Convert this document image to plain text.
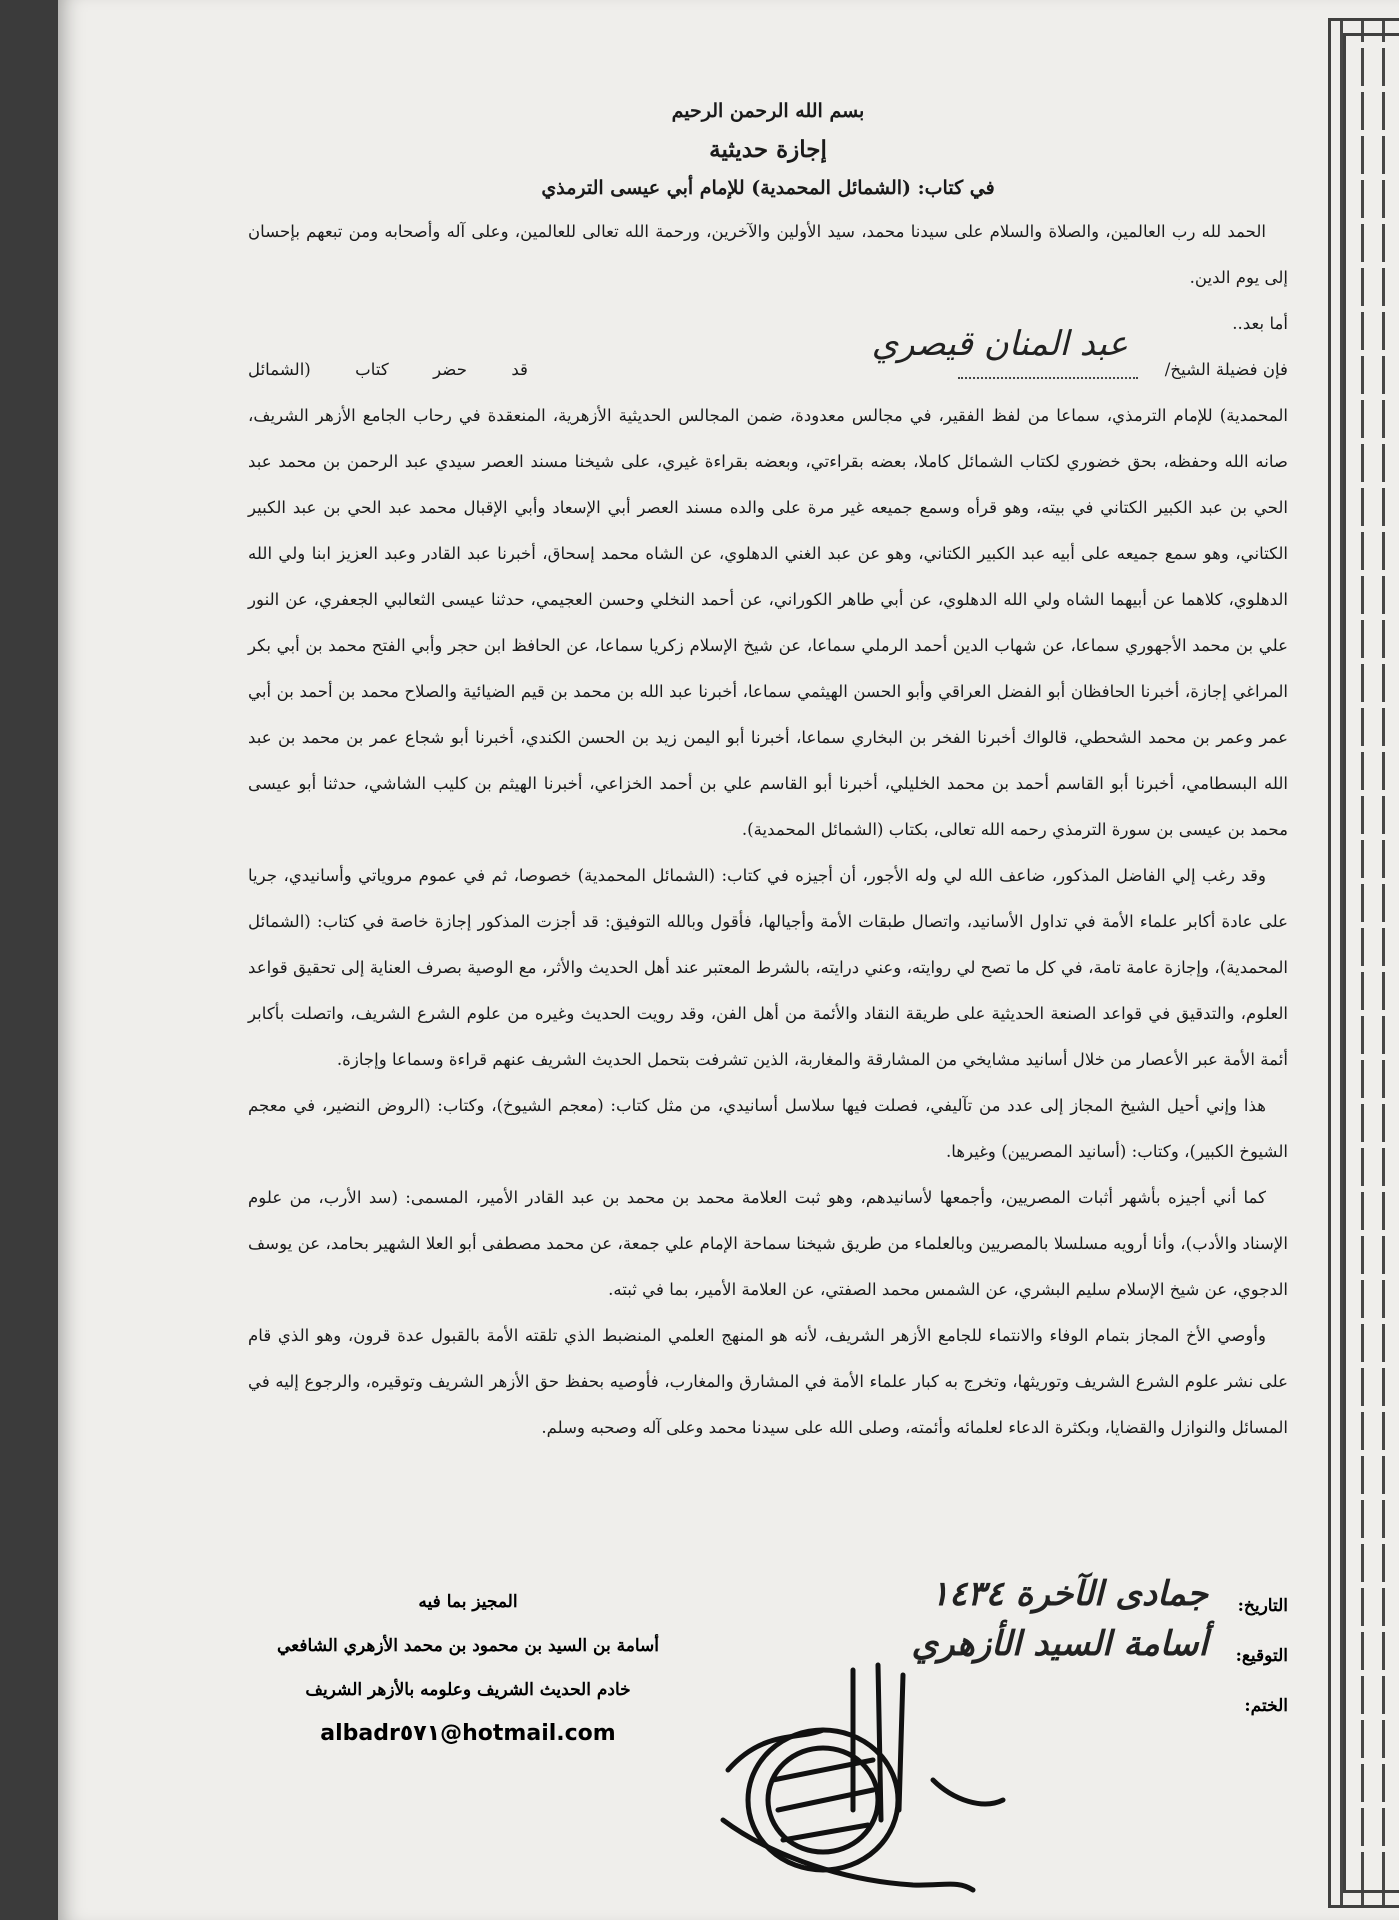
بسم الله الرحمن الرحيم
إجازة حديثية
في كتاب: (الشمائل المحمدية) للإمام أبي عيسى الترمذي

الحمد لله رب العالمين، والصلاة والسلام على سيدنا محمد، سيد الأولين والآخرين، ورحمة الله تعالى للعالمين، وعلى آله وأصحابه ومن تبعهم بإحسان إلى يوم الدين.

أما بعد..

فإن فضيلة الشيخ/
عبد المنان قيصري
قد حضر كتاب (الشمائل

المحمدية) للإمام الترمذي، سماعا من لفظ الفقير، في مجالس معدودة، ضمن المجالس الحديثية الأزهرية، المنعقدة في رحاب الجامع الأزهر الشريف، صانه الله وحفظه، بحق خضوري لكتاب الشمائل كاملا، بعضه بقراءتي، وبعضه بقراءة غيري، على شيخنا مسند العصر سيدي عبد الرحمن بن محمد عبد الحي بن عبد الكبير الكتاني في بيته، وهو قرأه وسمع جميعه غير مرة على والده مسند العصر أبي الإسعاد وأبي الإقبال محمد عبد الحي بن عبد الكبير الكتاني، وهو سمع جميعه على أبيه عبد الكبير الكتاني، وهو عن عبد الغني الدهلوي، عن الشاه محمد إسحاق، أخبرنا عبد القادر وعبد العزيز ابنا ولي الله الدهلوي، كلاهما عن أبيهما الشاه ولي الله الدهلوي، عن أبي طاهر الكوراني، عن أحمد النخلي وحسن العجيمي، حدثنا عيسى الثعالبي الجعفري، عن النور علي بن محمد الأجهوري سماعا، عن شهاب الدين أحمد الرملي سماعا، عن شيخ الإسلام زكريا سماعا، عن الحافظ ابن حجر وأبي الفتح محمد بن أبي بكر المراغي إجازة، أخبرنا الحافظان أبو الفضل العراقي وأبو الحسن الهيثمي سماعا، أخبرنا عبد الله بن محمد بن قيم الضيائية والصلاح محمد بن أحمد بن أبي عمر وعمر بن محمد الشحطي، قالواك أخبرنا الفخر بن البخاري سماعا، أخبرنا أبو اليمن زيد بن الحسن الكندي، أخبرنا أبو شجاع عمر بن محمد بن عبد الله البسطامي، أخبرنا أبو القاسم أحمد بن محمد الخليلي، أخبرنا أبو القاسم علي بن أحمد الخزاعي، أخبرنا الهيثم بن كليب الشاشي، حدثنا أبو عيسى محمد بن عيسى بن سورة الترمذي رحمه الله تعالى، بكتاب (الشمائل المحمدية).

وقد رغب إلي الفاضل المذكور، ضاعف الله لي وله الأجور، أن أجيزه في كتاب: (الشمائل المحمدية) خصوصا، ثم في عموم مروياتي وأسانيدي، جريا على عادة أكابر علماء الأمة في تداول الأسانيد، واتصال طبقات الأمة وأجيالها، فأقول وبالله التوفيق: قد أجزت المذكور إجازة خاصة في كتاب: (الشمائل المحمدية)، وإجازة عامة تامة، في كل ما تصح لي روايته، وعني درايته، بالشرط المعتبر عند أهل الحديث والأثر، مع الوصية بصرف العناية إلى تحقيق قواعد العلوم، والتدقيق في قواعد الصنعة الحديثية على طريقة النقاد والأئمة من أهل الفن، وقد رويت الحديث وغيره من علوم الشرع الشريف، واتصلت بأكابر أئمة الأمة عبر الأعصار من خلال أسانيد مشايخي من المشارقة والمغاربة، الذين تشرفت بتحمل الحديث الشريف عنهم قراءة وسماعا وإجازة.

هذا وإني أحيل الشيخ المجاز إلى عدد من تآليفي، فصلت فيها سلاسل أسانيدي، من مثل كتاب: (معجم الشيوخ)، وكتاب: (الروض النضير، في معجم الشيوخ الكبير)، وكتاب: (أسانيد المصريين) وغيرها.

كما أني أجيزه بأشهر أثبات المصريين، وأجمعها لأسانيدهم، وهو ثبت العلامة محمد بن محمد بن عبد القادر الأمير، المسمى: (سد الأرب، من علوم الإسناد والأدب)، وأنا أرويه مسلسلا بالمصريين وبالعلماء من طريق شيخنا سماحة الإمام علي جمعة، عن محمد مصطفى أبو العلا الشهير بحامد، عن يوسف الدجوي، عن شيخ الإسلام سليم البشري، عن الشمس محمد الصفتي، عن العلامة الأمير، بما في ثبته.

وأوصي الأخ المجاز بتمام الوفاء والانتماء للجامع الأزهر الشريف، لأنه هو المنهج العلمي المنضبط الذي تلقته الأمة بالقبول عدة قرون، وهو الذي قام على نشر علوم الشرع الشريف وتوريثها، وتخرج به كبار علماء الأمة في المشارق والمغارب، فأوصيه بحفظ حق الأزهر الشريف وتوقيره، والرجوع إليه في المسائل والنوازل والقضايا، وبكثرة الدعاء لعلمائه وأئمته، وصلى الله على سيدنا محمد وعلى آله وصحبه وسلم.

المجيز بما فيه
أسامة بن السيد بن محمود بن محمد الأزهري الشافعي
خادم الحديث الشريف وعلومه بالأزهر الشريف
albadr٥٧١@hotmail.com
التاريخ:
جمادى الآخرة ١٤٣٤
التوقيع:
أسامة السيد الأزهري
الختم:
